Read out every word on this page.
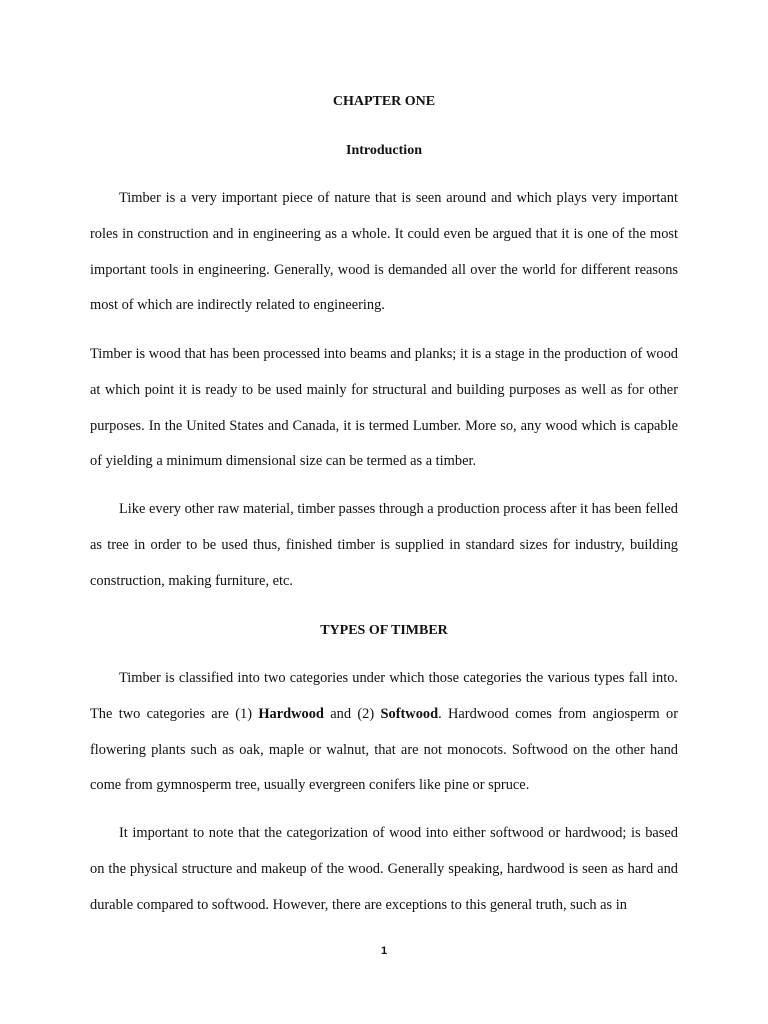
CHAPTER ONE
Introduction

Timber is a very important piece of nature that is seen around and which plays very important roles in construction and in engineering as a whole. It could even be argued that it is one of the most important tools in engineering. Generally, wood is demanded all over the world for different reasons most of which are indirectly related to engineering.

Timber is wood that has been processed into beams and planks; it is a stage in the production of wood at which point it is ready to be used mainly for structural and building purposes as well as for other purposes. In the United States and Canada, it is termed Lumber. More so, any wood which is capable of yielding a minimum dimensional size can be termed as a timber.

Like every other raw material, timber passes through a production process after it has been felled as tree in order to be used thus, finished timber is supplied in standard sizes for industry, building construction, making furniture, etc.

TYPES OF TIMBER

Timber is classified into two categories under which those categories the various types fall into. The two categories are (1) Hardwood and (2) Softwood. Hardwood comes from angiosperm or flowering plants such as oak, maple or walnut, that are not monocots. Softwood on the other hand come from gymnosperm tree, usually evergreen conifers like pine or spruce.

It important to note that the categorization of wood into either softwood or hardwood; is based on the physical structure and makeup of the wood. Generally speaking, hardwood is seen as hard and durable compared to softwood. However, there are exceptions to this general truth, such as in

1
